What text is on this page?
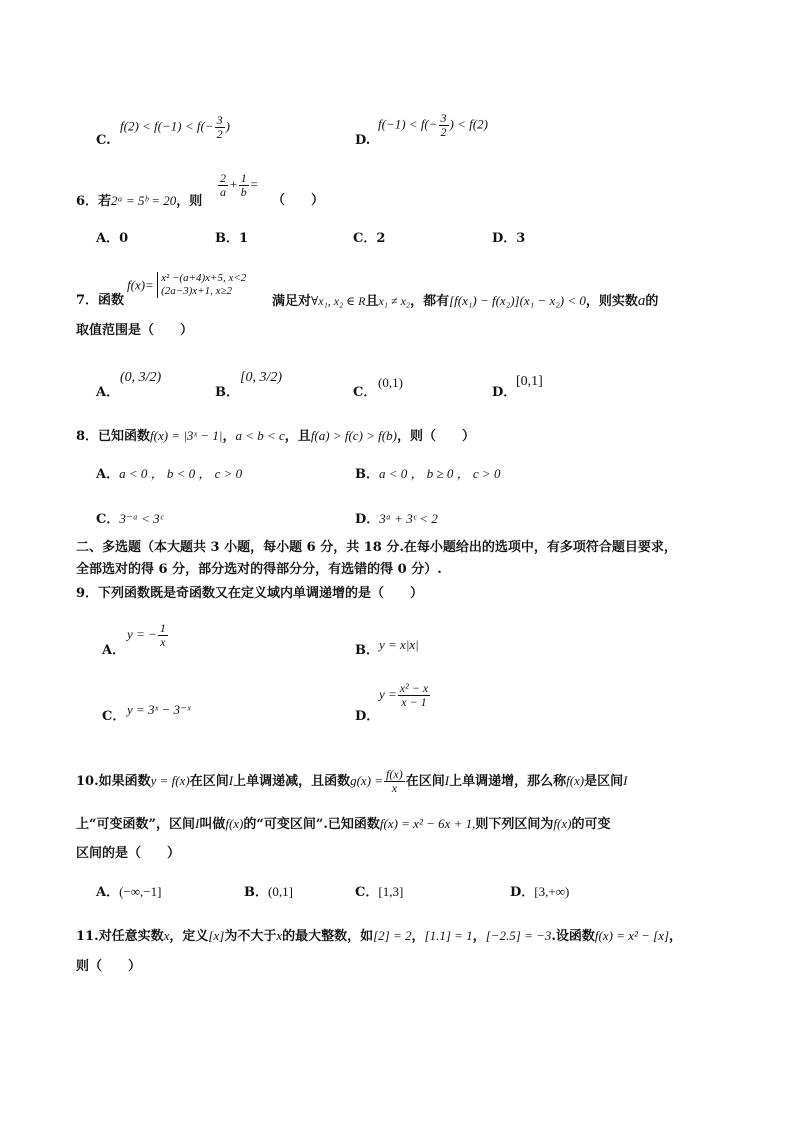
C.
$f(2) < f(-1) < f(- \frac{3}{2}$ )
D.
$f(-1) < f(- \frac{3}{2}$ ) < f(2)
6．若2ᵃ = 5ᵇ = 20，则
$\frac{2}{a} + \frac{1}{b}$ =
（　　）
A．0	B．1	C．2	D．3
7．函数
f(x)= x² −(a+4)x+5, x<2
(2a−3)x+1, x≥2
满足对∀x₁, x₂ ∈ R且x₁ ≠ x₂，都有[f(x₁) − f(x₂)](x₁ − x₂) < 0，则实数a的
取值范围是（　　）
A．
(0, 3/2)
B．
[0, 3/2)
C．
(0,1)
D．
[0,1]
8．已知函数f(x) = |3ˣ − 1|，a < b < c，且f(a) > f(c) > f(b)，则（　　）
A．a < 0 ， b < 0 ， c > 0	B．a < 0 ， b ≥ 0 ， c > 0
C．3⁻ᵃ < 3ᶜ	D．3ᵃ + 3ᶜ < 2
二、多选题（本大题共 3 小题，每小题 6 分，共 18 分.在每小题给出的选项中，有多项符合题目要求，
全部选对的得 6 分，部分选对的得部分分，有选错的得 0 分）.
9．下列函数既是奇函数又在定义域内单调递增的是（　　）
A．
y = − $\frac{1}{x}$
B． y = x|x|
C． y = 3ˣ − 3⁻ˣ	D．
$y = \frac{\text{x² − x}}{x - 1}$
10.如果函数y = f(x)在区间I上单调递减，且函数$g(x) = \frac{f(x)}{x}$ 在区间I上单调递增，那么称f(x)是区间I
上“可变函数”，区间I叫做f(x)的“可变区间”.已知函数f(x) = x² − 6x + 1,则下列区间为f(x)的可变
区间的是（　　）
A．(−∞,−1]	B．(0,1]	C．[1,3]	D．[3,+∞)
11.对任意实数x，定义[x]为不大于x的最大整数，如[2] = 2，[1.1] = 1，[−2.5] = −3.设函数f(x) = x² − [x]，
则（　　）
